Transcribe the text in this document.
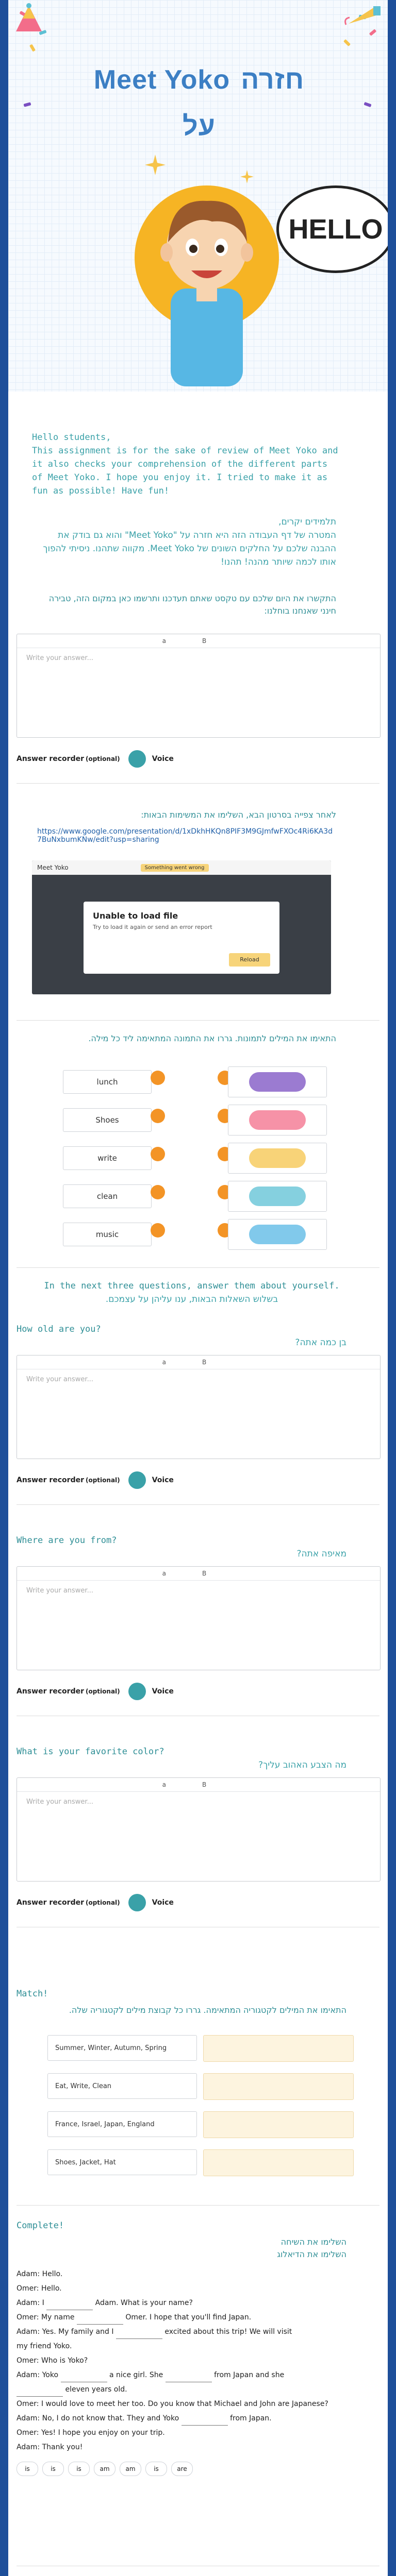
Meet Yoko חזרה על
HELLO
Hello students,
This assignment is for the sake of review of Meet Yoko and it also checks your comprehension of the different parts of Meet Yoko. I hope you enjoy it. I tried to make it as fun as possible! Have fun!
תלמידים יקרים,
המטרה של דף העבודה הזה היא חזרה על "Meet Yoko" והוא גם בודק את ההבנה שלכם על החלקים השונים של Meet Yoko. מקווה שתהנו. ניסיתי להפוך אותו לכמה שיותר מהנה! תהנו!
התקשרו את היום שלכם עם טקסט שאתם תעדכנו ותרשמו כאן במקום הזה, טבירה חינני שאנחנו בוחלנו:
a	B
Write your answer...
Answer recorder (optional)	Voice
לאחר צפייה בסרטון הבא, השלימו את המשימות הבאות:
https://www.google.com/presentation/d/1xDkhHKQn8PIF3M9GJmfwFXOc4Ri6KA3d7BuNxbumKNw/edit?usp=sharing
Meet Yoko	Something went wrong
Unable to load file
Try to load it again or send an error report
Reload
התאימו את המילים לתמונות. גררו את התמונה המתאימה ליד כל מילה.
lunch
Shoes
write
clean
music
In the next three questions, answer them about yourself.
בשלוש השאלות הבאות, ענו עליהן על עצמכם.
How old are you?
בן כמה אתה?
a	B
Write your answer...
Answer recorder (optional)	Voice
Where are you from?
מאיפה אתה?
a	B
Write your answer...
Answer recorder (optional)	Voice
What is your favorite color?
מה הצבע האהוב עליך?
a	B
Write your answer...
Answer recorder (optional)	Voice
Match!
התאימו את המילים לקטגוריה המתאימה. גררו כל קבוצת מילים לקטגוריה שלה.
Summer, Winter, Autumn, Spring
Eat, Write, Clean
France, Israel, Japan, England
Shoes, Jacket, Hat
Complete!
השלימו את השיחה
השלימו את הדיאלוג
Adam: Hello.
Omer: Hello.
Adam: I	Adam. What is your name?
Omer: My name	Omer. I hope that you'll find Japan.
Adam: Yes. My family and I	excited about this trip! We will visit
my friend Yoko.
Omer: Who is Yoko?
Adam: Yoko	a nice girl. She	from Japan and she
eleven years old.
Omer: I would love to meet her too. Do you know that Michael and John are Japanese?
Adam: No, I do not know that. They and Yoko	from Japan.
Omer: Yes! I hope you enjoy on your trip.
Adam: Thank you!
is	is	is	am	am	is	are
